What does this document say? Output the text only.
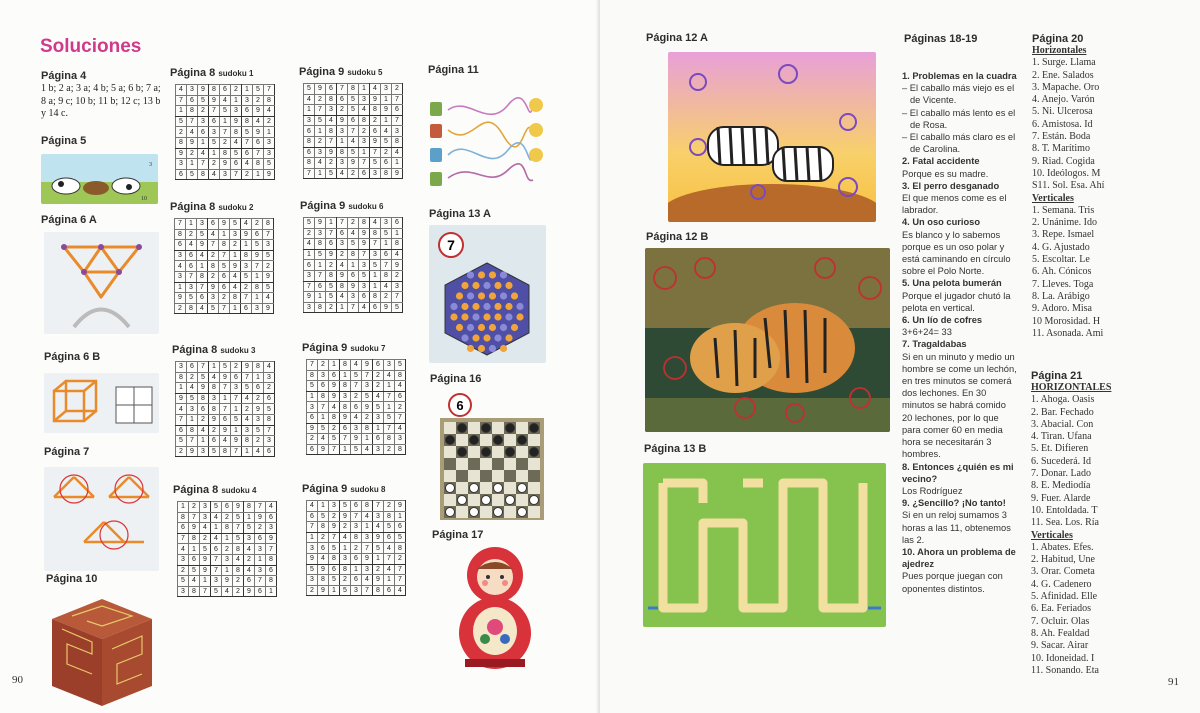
Soluciones
Página 4
1 b; 2 a; 3 a; 4 b; 5 a; 6 b; 7 a; 8 a; 9 c; 10 b; 11 b; 12 c; 13 b y 14 c.
Página 5
3
10
Página 6 A
Página 6 B
Página 7
Página 10
Página 8 sudoku 1
4	3	9	8	6	2	1	5	7
7	6	5	9	4	1	3	2	8
1	8	2	7	5	3	6	9	4
5	7	3	6	1	9	8	4	2
2	4	6	3	7	8	5	9	1
8	9	1	5	2	4	7	6	3
9	2	4	1	8	5	6	7	3
3	1	7	2	9	6	4	8	5
6	5	8	4	3	7	2	1	9
Página 8 sudoku 2
7	1	3	6	9	5	4	2	8
8	2	5	4	1	3	9	6	7
6	4	9	7	8	2	1	5	3
3	6	4	2	7	1	8	9	5
4	6	1	8	5	9	3	7	2
3	7	8	2	6	4	5	1	9
1	3	7	9	6	4	2	8	5
9	5	6	3	2	8	7	1	4
2	8	4	5	7	1	6	3	9
Página 8 sudoku 3
3	6	7	1	5	2	9	8	4
8	2	5	4	9	6	7	1	3
1	4	9	8	7	3	5	6	2
9	5	8	3	1	7	4	2	6
4	3	6	8	7	1	2	9	5
7	1	2	9	6	5	4	3	8
6	8	4	2	9	1	3	5	7
5	7	1	6	4	9	8	2	3
2	9	3	5	8	7	1	4	6
Página 8 sudoku 4
1	2	3	5	6	9	8	7	4
8	7	3	4	2	5	1	9	6
6	9	4	1	8	7	5	2	3
7	8	2	4	1	5	3	6	9
4	1	5	6	2	8	4	3	7
3	6	9	7	3	4	2	1	8
2	5	9	7	1	8	4	3	6
5	4	1	3	9	2	6	7	8
3	8	7	5	4	2	9	6	1
Página 9 sudoku 5
5	9	6	7	8	1	4	3	2
4	2	8	6	5	3	9	1	7
1	7	3	2	5	4	8	9	6
3	5	4	9	6	8	2	1	7
6	1	8	3	7	2	6	4	3
8	2	7	1	4	3	9	5	8
6	3	9	8	5	1	7	2	4
8	4	2	3	9	7	5	6	1
7	1	5	4	2	6	3	8	9
Página 9 sudoku 6
5	9	1	7	2	8	4	3	6
2	3	7	6	4	9	8	5	1
4	8	6	3	5	9	7	1	8
1	5	9	2	8	7	3	6	4
6	1	2	4	1	3	5	7	9
3	7	8	9	6	5	1	8	2
7	6	5	8	9	3	1	4	3
9	1	5	4	3	6	8	2	7
3	8	2	1	7	4	6	9	5
Página 9 sudoku 7
7	2	1	8	4	9	6	3	5
8	3	6	1	5	7	2	4	8
5	6	9	8	7	3	2	1	4
1	8	9	3	2	5	4	7	6
3	7	4	8	6	9	5	1	2
6	1	8	9	4	2	3	5	7
9	5	2	6	3	8	1	7	4
2	4	5	7	9	1	6	8	3
6	9	7	1	5	4	3	2	8
Página 9 sudoku 8
4	1	3	5	6	8	7	2	9
6	5	2	9	7	4	3	8	1
7	8	9	2	3	1	4	5	6
1	2	7	4	8	3	9	6	5
3	6	5	1	2	7	5	4	8
9	4	8	3	6	9	1	7	2
5	9	6	8	1	3	2	4	7
3	8	5	2	6	4	9	1	7
2	9	1	5	3	7	8	6	4
Página 11
Página 13 A
7
Página 16
6
Página 17
90
Página 12 A
Página 12 B
Página 13 B
Páginas 18-19
1. Problemas en la cuadra
– El caballo más viejo es el de Vicente.
– El caballo más lento es el de Rosa.
– El caballo más claro es el de Carolina.
2. Fatal accidente
Porque es su madre.
3. El perro desganado
El que menos come es el labrador.
4. Un oso curioso
Es blanco y lo sabemos porque es un oso polar y está caminando en círculo sobre el Polo Norte.
5. Una pelota bumerán
Porque el jugador chutó la pelota en vertical.
6. Un lío de cofres
3+6+24= 33
7. Tragaldabas
Si en un minuto y medio un hombre se come un lechón, en tres minutos se comerá dos lechones. En 30 minutos se habrá comido 20 lechones, por lo que para comer 60 en media hora se necesitarán 3 hombres.
8. Entonces ¿quién es mi vecino?
Los Rodríguez
9. ¿Sencillo? ¡No tanto!
Si en un reloj sumamos 3 horas a las 11, obtenemos las 2.
10. Ahora un problema de ajedrez
Pues porque juegan con oponentes distintos.
Página 20
Horizontales
1. Surge. Llama
2. Ene. Salados
3. Mapache. Oro
4. Anejo. Varón
5. Ni. Ulcerosa
6. Amistosa. Id
7. Están. Boda
8. T. Marítimo
9. Riad. Cogida
10. Ideólogos. M
S11. Sol. Esa. Ahí
Verticales
1. Semana. Tris
2. Unánime. Ido
3. Repe. Ismael
4. G. Ajustado
5. Escoltar. Le
6. Ah. Cónicos
7. Lleves. Toga
8. La. Arábigo
9. Adoro. Misa
10 Morosidad. H
11. Asonada. Ami
Página 21
HORIZONTALES
1. Ahoga. Oasis
2. Bar. Fechado
3. Abacial. Con
4. Tiran. Ufana
5. Et. Difieren
6. Sucederá. Id
7. Donar. Lado
8. E. Mediodía
9. Fuer. Alarde
10. Entoldada. T
11. Sea. Los. Ría
Verticales
1. Abates. Efes.
2. Habitud, Une
3. Orar. Cometa
4. G. Cadenero
5. Afinidad. Elle
6. Ea. Feriados
7. Ocluir. Olas
8. Ah. Fealdad
9. Sacar. Airar
10. Idoneidad. I
11. Sonando. Eta
91
